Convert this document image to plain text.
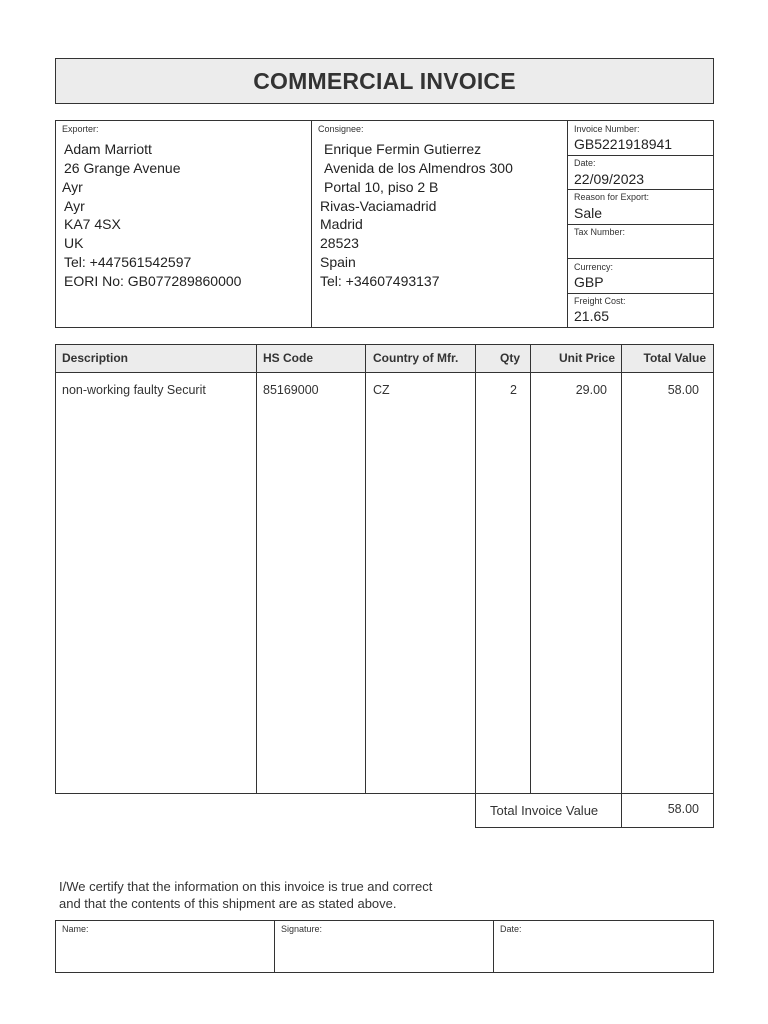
COMMERCIAL INVOICE
Exporter:
Adam Marriott
26 Grange Avenue
Ayr
Ayr
KA7 4SX
UK
Tel: +447561542597
EORI No: GB077289860000
Consignee:
Enrique Fermin Gutierrez
Avenida de los Almendros 300
Portal 10, piso 2 B
Rivas-Vaciamadrid
Madrid
28523
Spain
Tel: +34607493137
Invoice Number:
GB5221918941
Date:
22/09/2023
Reason for Export:
Sale
Tax Number:
Currency:
GBP
Freight Cost:
21.65
Description	HS Code	Country of Mfr.	Qty	Unit Price	Total Value
non-working faulty Securit	85169000	CZ	2	29.00	58.00
Total Invoice Value	58.00
I/We certify that the information on this invoice is true and correct
and that the contents of this shipment are as stated above.
Name:	Signature:	Date:
